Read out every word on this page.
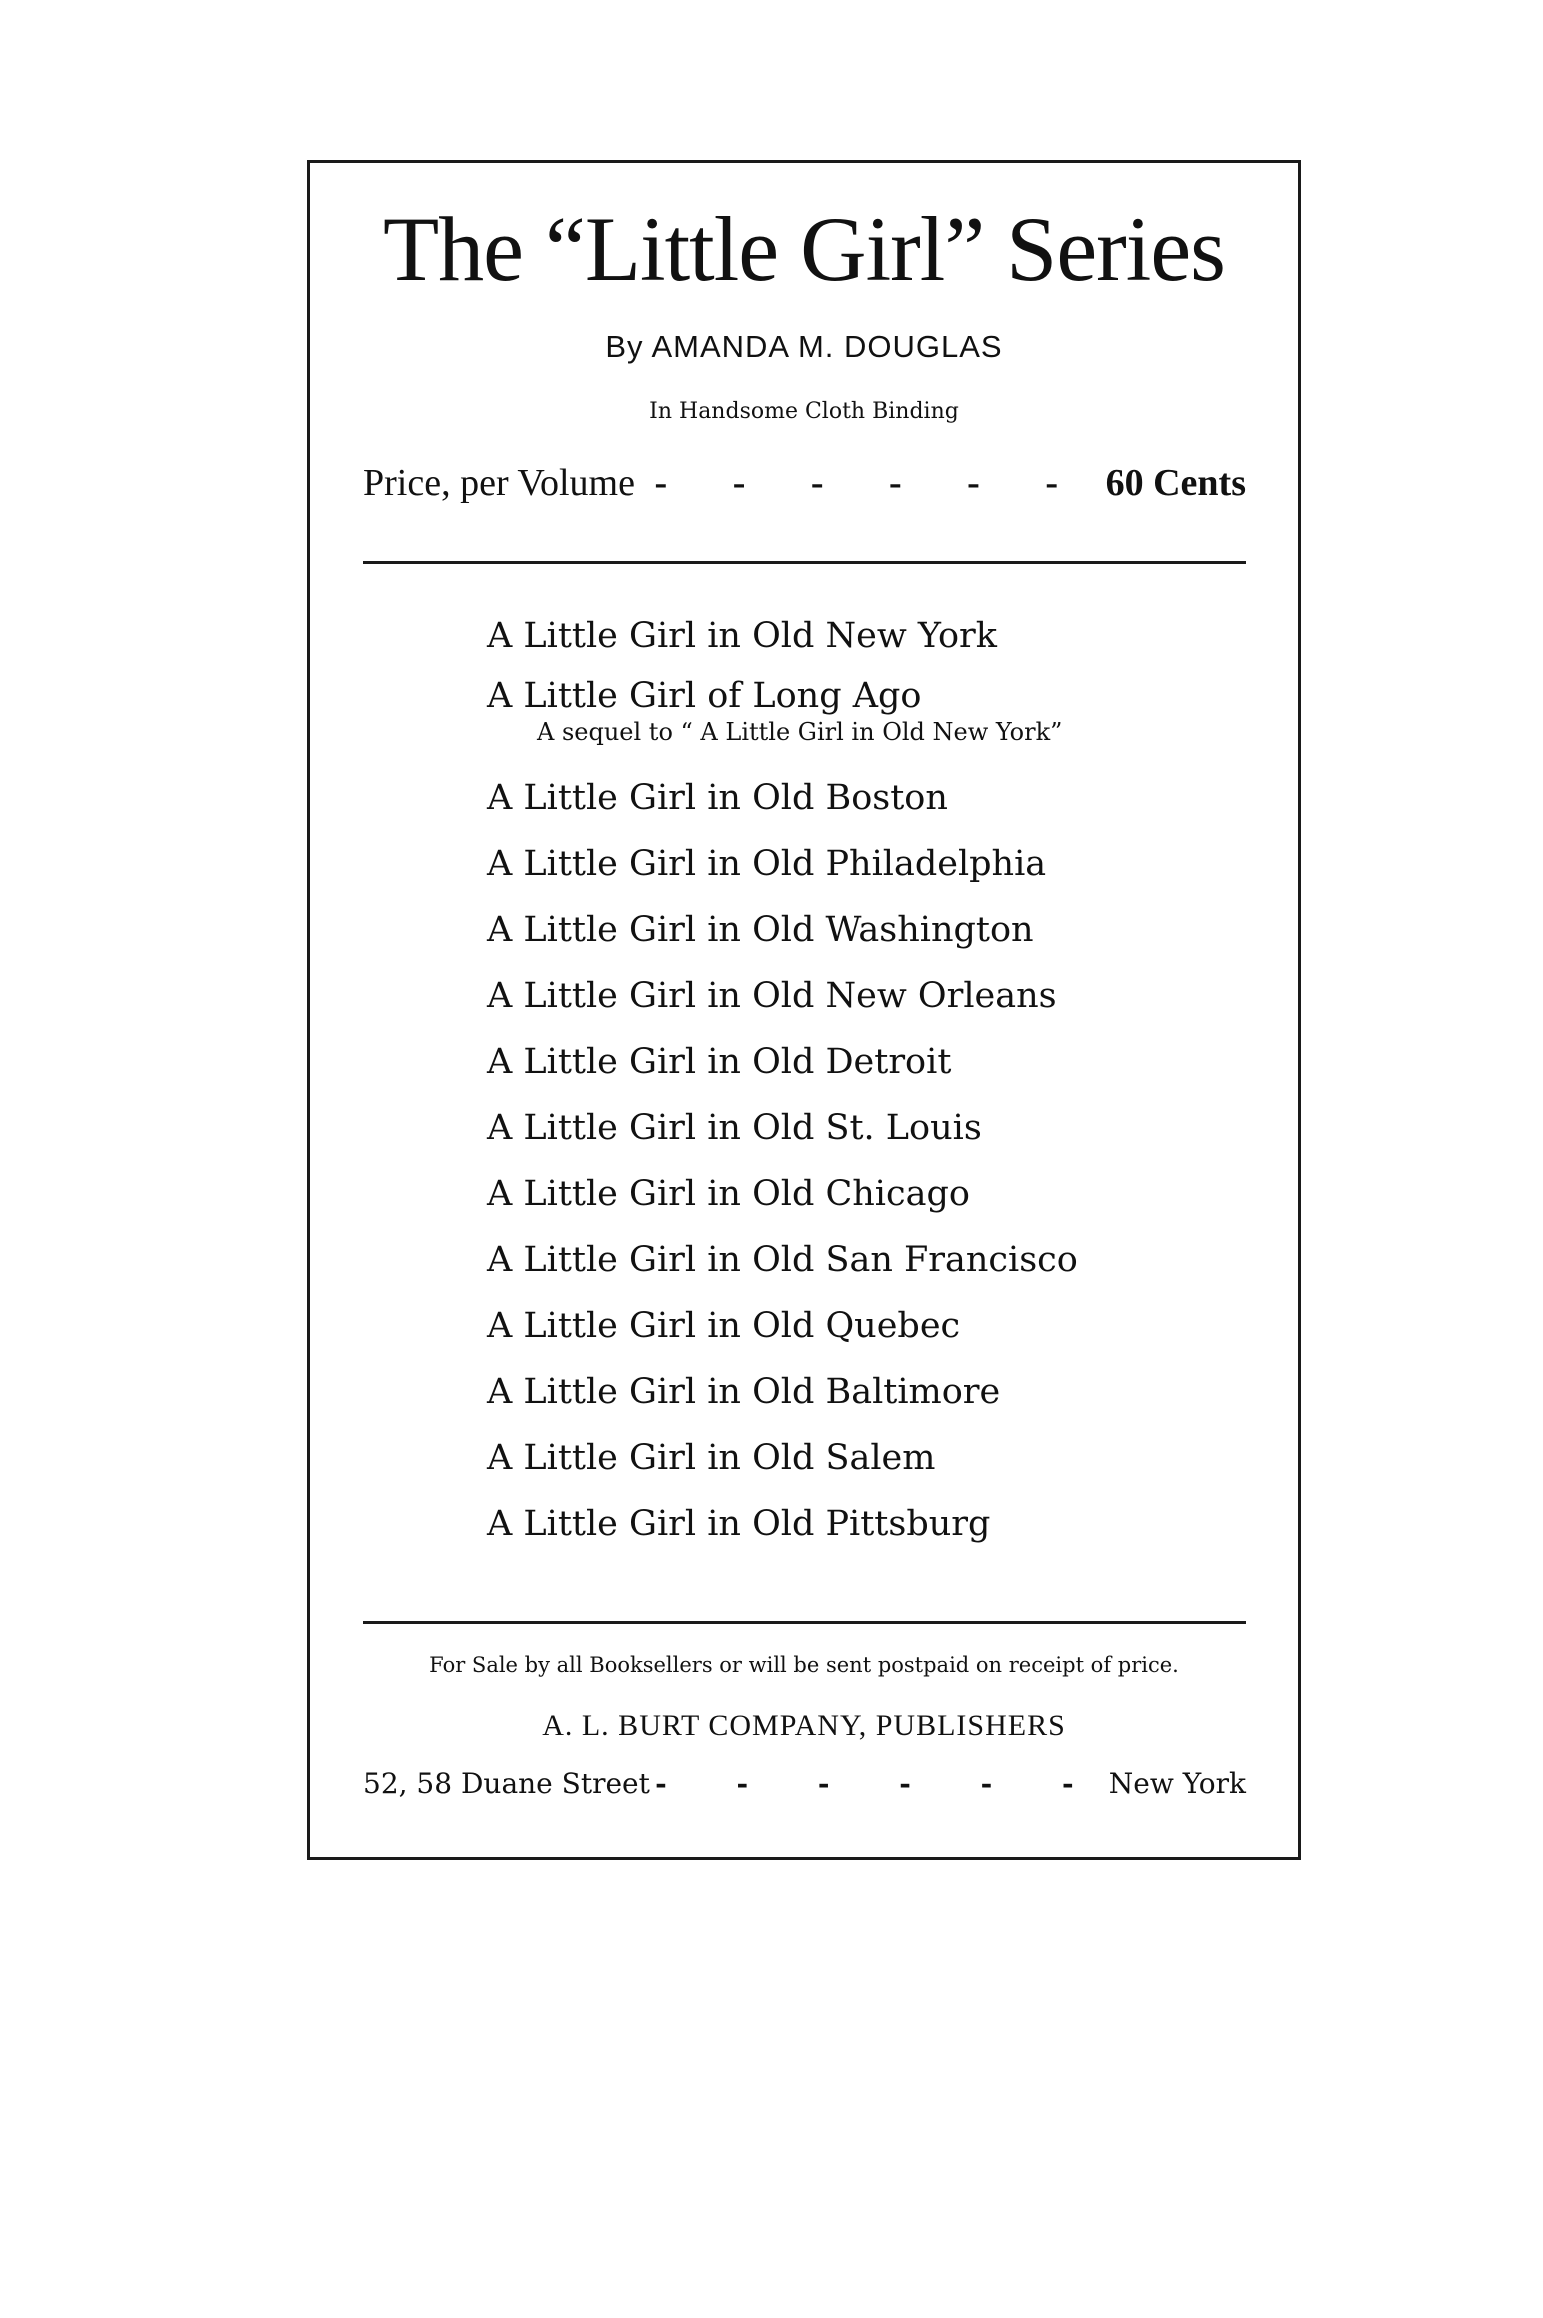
The “Little Girl” Series
By AMANDA M. DOUGLAS
In Handsome Cloth Binding
Price, per Volume - - - - - - 60 Cents
A Little Girl in Old New York
A Little Girl of Long Ago
A sequel to “ A Little Girl in Old New York”
A Little Girl in Old Boston
A Little Girl in Old Philadelphia
A Little Girl in Old Washington
A Little Girl in Old New Orleans
A Little Girl in Old Detroit
A Little Girl in Old St. Louis
A Little Girl in Old Chicago
A Little Girl in Old San Francisco
A Little Girl in Old Quebec
A Little Girl in Old Baltimore
A Little Girl in Old Salem
A Little Girl in Old Pittsburg
For Sale by all Booksellers or will be sent postpaid on receipt of price.
A. L. BURT COMPANY, PUBLISHERS
52, 58 Duane Street - - - - - - New York
